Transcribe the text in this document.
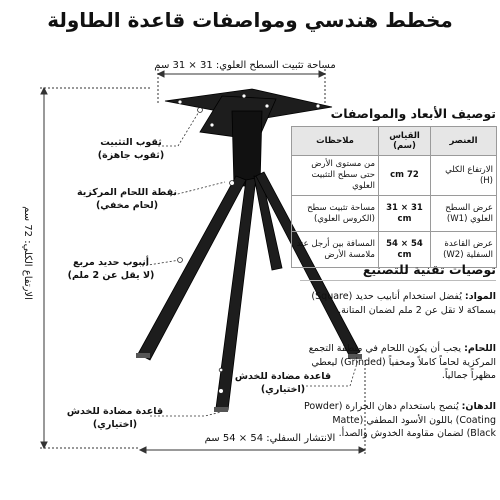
مخطط هندسي ومواصفات قاعدة الطاولة
مساحة تثبيت السطح العلوي: 31 × 31 سم
الانتشار السفلي: 54 × 54 سم
الارتفاع الكلي: 72 سم
ثقوب التثبيت
(ثقوب جاهزة)
نقطة اللحام المركزية
(لحام مخفي)
أنبوب حديد مربع
(لا يقل عن 2 ملم)
قاعدة مضادة للخدش
(اختياري)
قاعدة مضادة للخدش
(اختياري)
توصيف الأبعاد والمواصفات
العنصر	القياس (سم)	ملاحظات
الارتفاع الكلي (H)	72 cm	من مستوى الأرض حتى سطح التثبيت العلوي
عرض السطح العلوي (W1)	31 × 31 cm	مساحة تثبيت سطح (الكروس العلوي)
عرض القاعدة السفلية (W2)	54 × 54 cm	المسافة بين أرجل عند ملامسة الأرض
توصيات تقنية للتصنيع
المواد: يُفضل استخدام أنابيب حديد (Square) بسماكة لا تقل عن 2 ملم لضمان المتانة.
اللحام: يجب أن يكون اللحام في منطقة التجمع المركزية لحاماً كاملاً ومخفياً (Grinded) ليعطي مظهراً جمالياً.
الدهان: يُنصح باستخدام دهان الحرارة (Powder Coating) باللون الأسود المطفي (Matte Black) لضمان مقاومة الخدوش والصدأ.
